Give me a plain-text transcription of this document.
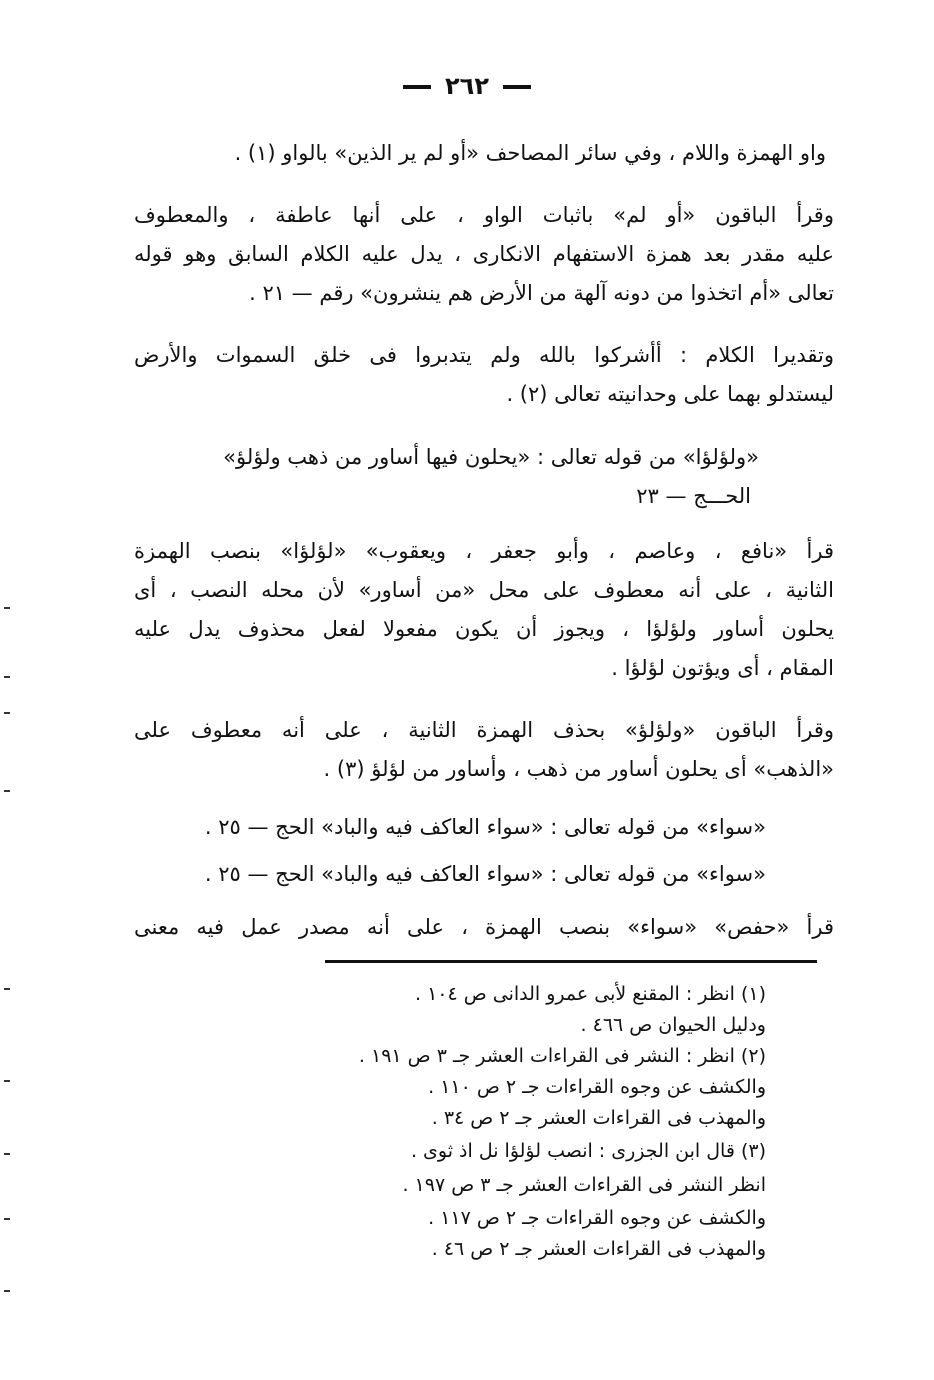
٢٦٢
واو الهمزة واللام ، وفي سائر المصاحف «أو لم ير الذين» بالواو (١) .
وقرأ الباقون «أو لم» باثبات الواو ، على أنها عاطفة ، والمعطوف
عليه مقدر بعد همزة الاستفهام الانكارى ، يدل عليه الكلام السابق وهو قوله
تعالى «أم اتخذوا من دونه آلهة من الأرض هم ينشرون» رقم — ٢١ .
وتقديرا الكلام : أأشركوا بالله ولم يتدبروا فى خلق السموات والأرض
ليستدلو بهما على وحدانيته تعالى (٢) .
«ولؤلؤا» من قوله تعالى : «يحلون فيها أساور من ذهب ولؤلؤ»
الحـــج — ٢٣
قرأ «نافع ، وعاصم ، وأبو جعفر ، ويعقوب» «لؤلؤا» بنصب الهمزة
الثانية ، على أنه معطوف على محل «من أساور» لأن محله النصب ، أى
يحلون أساور ولؤلؤا ، ويجوز أن يكون مفعولا لفعل محذوف يدل عليه
المقام ، أى ويؤتون لؤلؤا .
وقرأ الباقون «ولؤلؤ» بحذف الهمزة الثانية ، على أنه معطوف على
«الذهب» أى يحلون أساور من ذهب ، وأساور من لؤلؤ (٣) .
«سواء» من قوله تعالى : «سواء العاكف فيه والباد» الحج — ٢٥ .
«سواء» من قوله تعالى : «سواء العاكف فيه والباد» الحج — ٢٥ .
قرأ «حفص» «سواء» بنصب الهمزة ، على أنه مصدر عمل فيه معنى
(١) انظر : المقنع لأبى عمرو الدانى ص ١٠٤ .
ودليل الحيوان ص ٤٦٦ .
(٢) انظر : النشر فى القراءات العشر جـ ٣ ص ١٩١ .
والكشف عن وجوه القراءات جـ ٢ ص ١١٠ .
والمهذب فى القراءات العشر جـ ٢ ص ٣٤ .
(٣) قال ابن الجزرى : انصب لؤلؤا نل اذ ثوى .
انظر النشر فى القراءات العشر جـ ٣ ص ١٩٧ .
والكشف عن وجوه القراءات جـ ٢ ص ١١٧ .
والمهذب فى القراءات العشر جـ ٢ ص ٤٦ .
